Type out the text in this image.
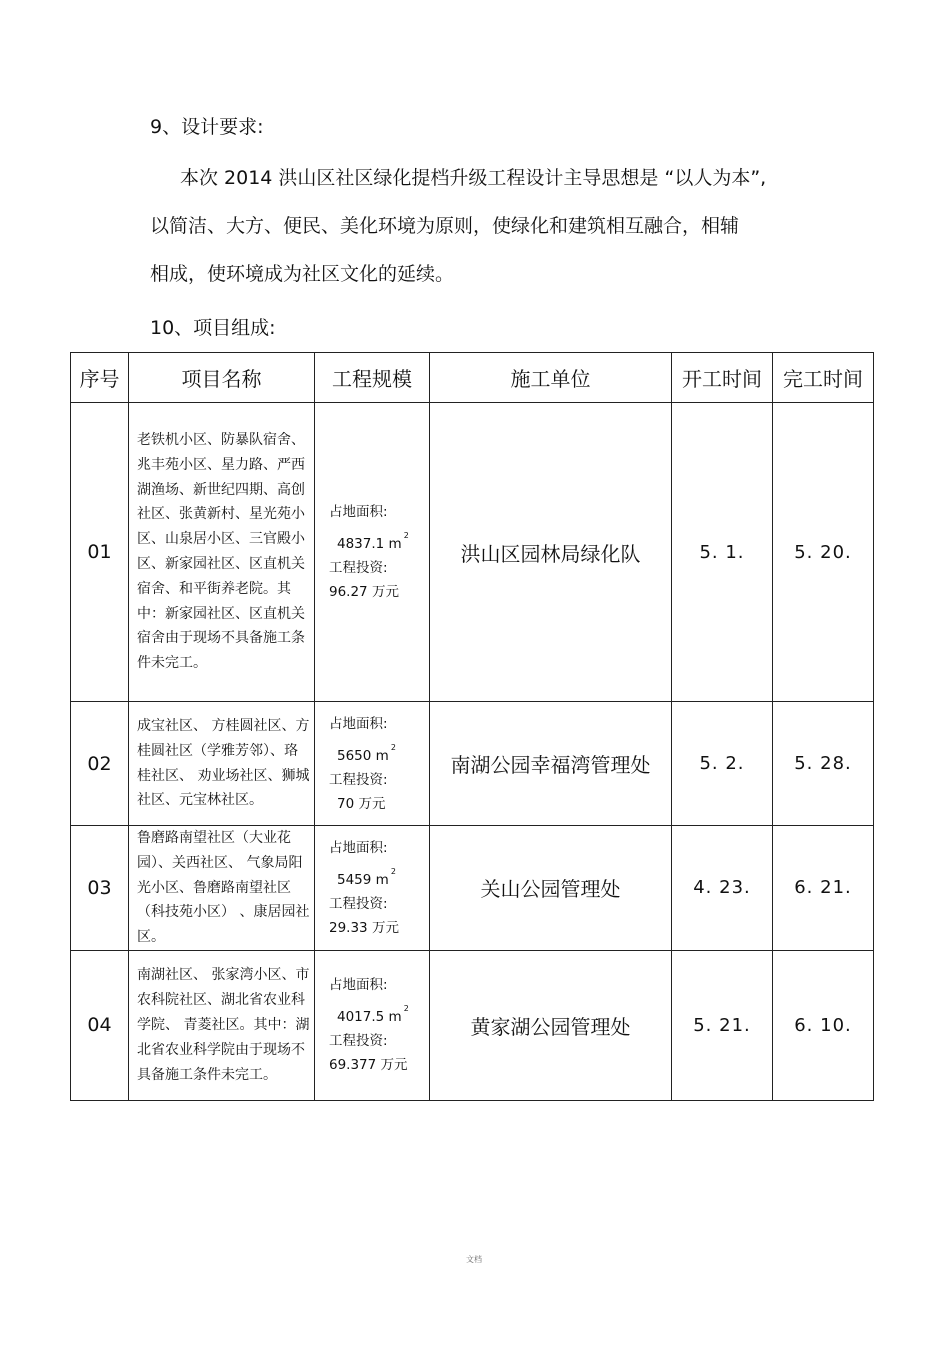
9、设计要求:
本次 2014 洪山区社区绿化提档升级工程设计主导思想是 “以人为本”,
以简洁、大方、便民、美化环境为原则，使绿化和建筑相互融合，相辅
相成，使环境成为社区文化的延续。
10、项目组成:
序号	项目名称	工程规模	施工单位	开工时间	完工时间
01	老铁机小区、防暴队宿舍、兆丰苑小区、星力路、严西湖渔场、新世纪四期、高创社区、张黄新村、星光苑小区、山泉居小区、三官殿小区、新家园社区、区直机关宿舍、和平街养老院。其中：新家园社区、区直机关宿舍由于现场不具备施工条件未完工。	占地面积:
4837.1 $m^2$
工程投资:
96.27 万元	洪山区园林局绿化队	5. 1.	5. 20.
02	成宝社区、 方桂圆社区、方桂圆社区（学雅芳邻）、珞桂社区、 劝业场社区、狮城社区、元宝林社区。	占地面积:
5650 $m^2$
工程投资:

70 万元	南湖公园幸福湾管理处	5. 2.	5. 28.
03	鲁磨路南望社区（大业花园）、关西社区、 气象局阳光小区、鲁磨路南望社区（科技苑小区） 、康居园社区。	占地面积:
5459 $m^2$
工程投资:
29.33 万元	关山公园管理处	4. 23.	6. 21.
04	南湖社区、 张家湾小区、市农科院社区、湖北省农业科学院、 青菱社区。其中：湖北省农业科学院由于现场不具备施工条件未完工。	占地面积:
4017.5 $m^2$
工程投资:
69.377 万元	黄家湖公园管理处	5. 21.	6. 10.
文档
